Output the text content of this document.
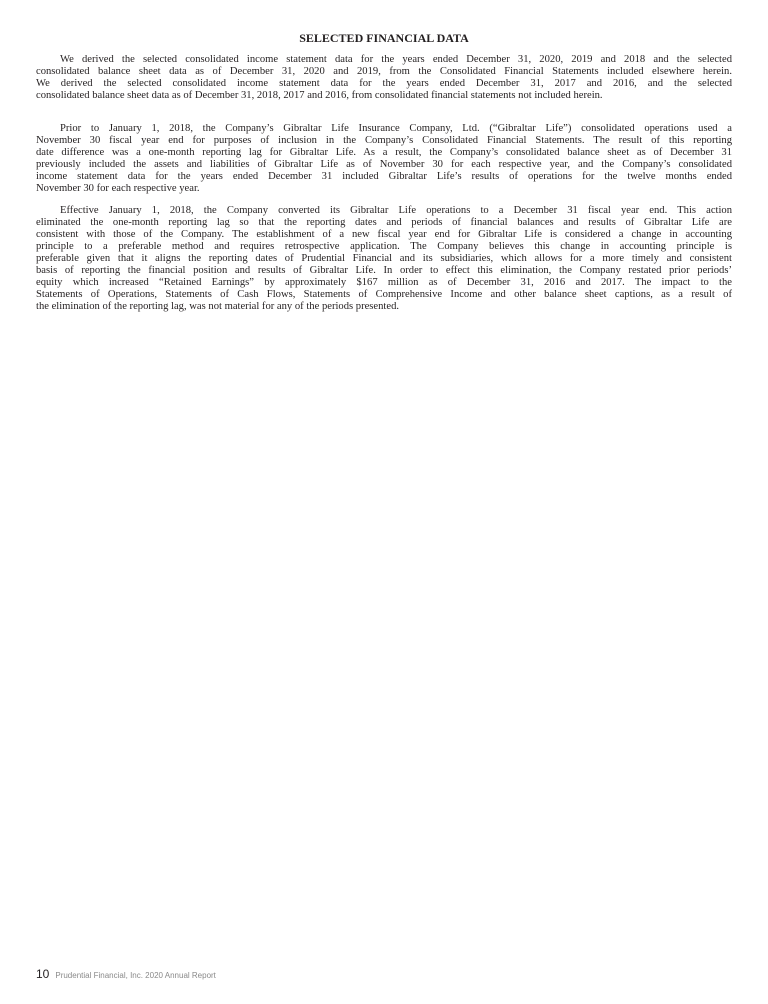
SELECTED FINANCIAL DATA
We derived the selected consolidated income statement data for the years ended December 31, 2020, 2019 and 2018 and the selected
consolidated balance sheet data as of December 31, 2020 and 2019, from the Consolidated Financial Statements included elsewhere herein.
We derived the selected consolidated income statement data for the years ended December 31, 2017 and 2016, and the selected
consolidated balance sheet data as of December 31, 2018, 2017 and 2016, from consolidated financial statements not included herein.
Prior to January 1, 2018, the Company’s Gibraltar Life Insurance Company, Ltd. (“Gibraltar Life”) consolidated operations used a
November 30 fiscal year end for purposes of inclusion in the Company’s Consolidated Financial Statements. The result of this reporting
date difference was a one-month reporting lag for Gibraltar Life. As a result, the Company’s consolidated balance sheet as of December 31
previously included the assets and liabilities of Gibraltar Life as of November 30 for each respective year, and the Company’s consolidated
income statement data for the years ended December 31 included Gibraltar Life’s results of operations for the twelve months ended
November 30 for each respective year.
Effective January 1, 2018, the Company converted its Gibraltar Life operations to a December 31 fiscal year end. This action
eliminated the one-month reporting lag so that the reporting dates and periods of financial balances and results of Gibraltar Life are
consistent with those of the Company. The establishment of a new fiscal year end for Gibraltar Life is considered a change in accounting
principle to a preferable method and requires retrospective application. The Company believes this change in accounting principle is
preferable given that it aligns the reporting dates of Prudential Financial and its subsidiaries, which allows for a more timely and consistent
basis of reporting the financial position and results of Gibraltar Life. In order to effect this elimination, the Company restated prior periods’
equity which increased “Retained Earnings” by approximately $167 million as of December 31, 2016 and 2017. The impact to the
Statements of Operations, Statements of Cash Flows, Statements of Comprehensive Income and other balance sheet captions, as a result of
the elimination of the reporting lag, was not material for any of the periods presented.
10 Prudential Financial, Inc. 2020 Annual Report
